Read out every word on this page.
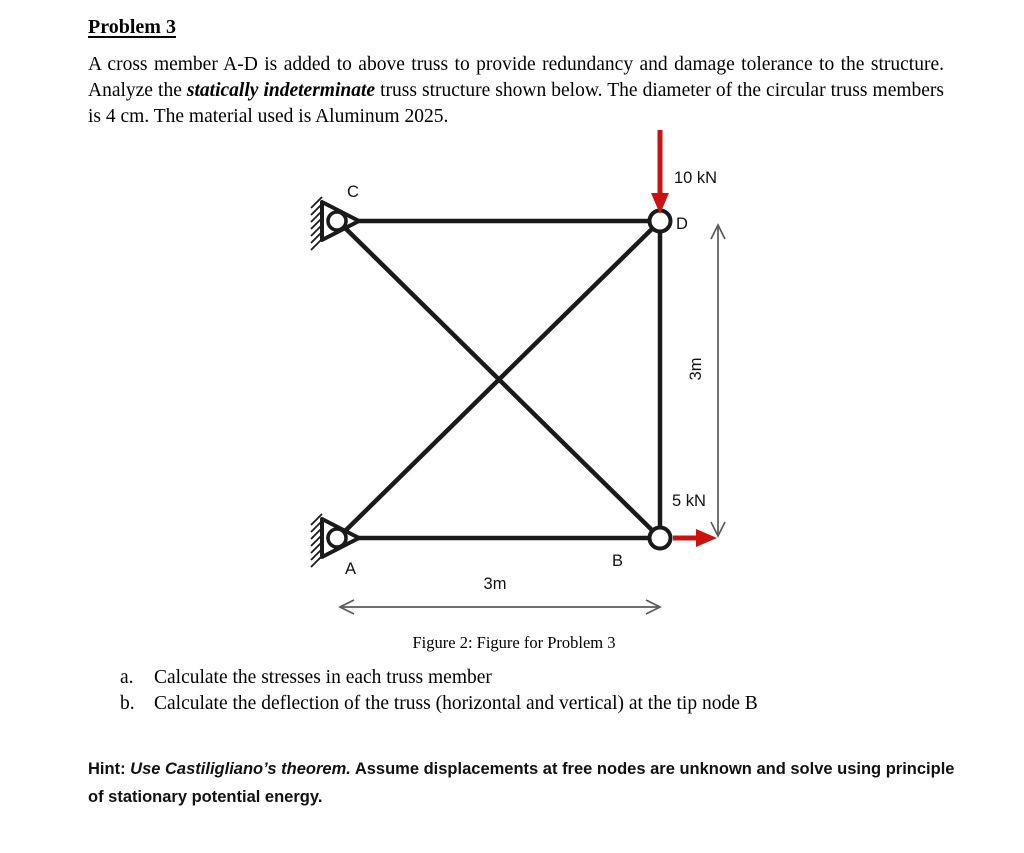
Problem 3
A cross member A-D is added to above truss to provide redundancy and damage tolerance to the structure. Analyze the statically indeterminate truss structure shown below. The diameter of the circular truss members is 4 cm. The material used is Aluminum 2025.
C
D
A	B
10 kN
5 kN
3m
3m
Figure 2: Figure for Problem 3
a.	Calculate the stresses in each truss member
b. Calculate the deflection of the truss (horizontal and vertical) at the tip node B
Hint: Use Castiligliano’s theorem. Assume displacements at free nodes are unknown and solve using principle of stationary potential energy.
